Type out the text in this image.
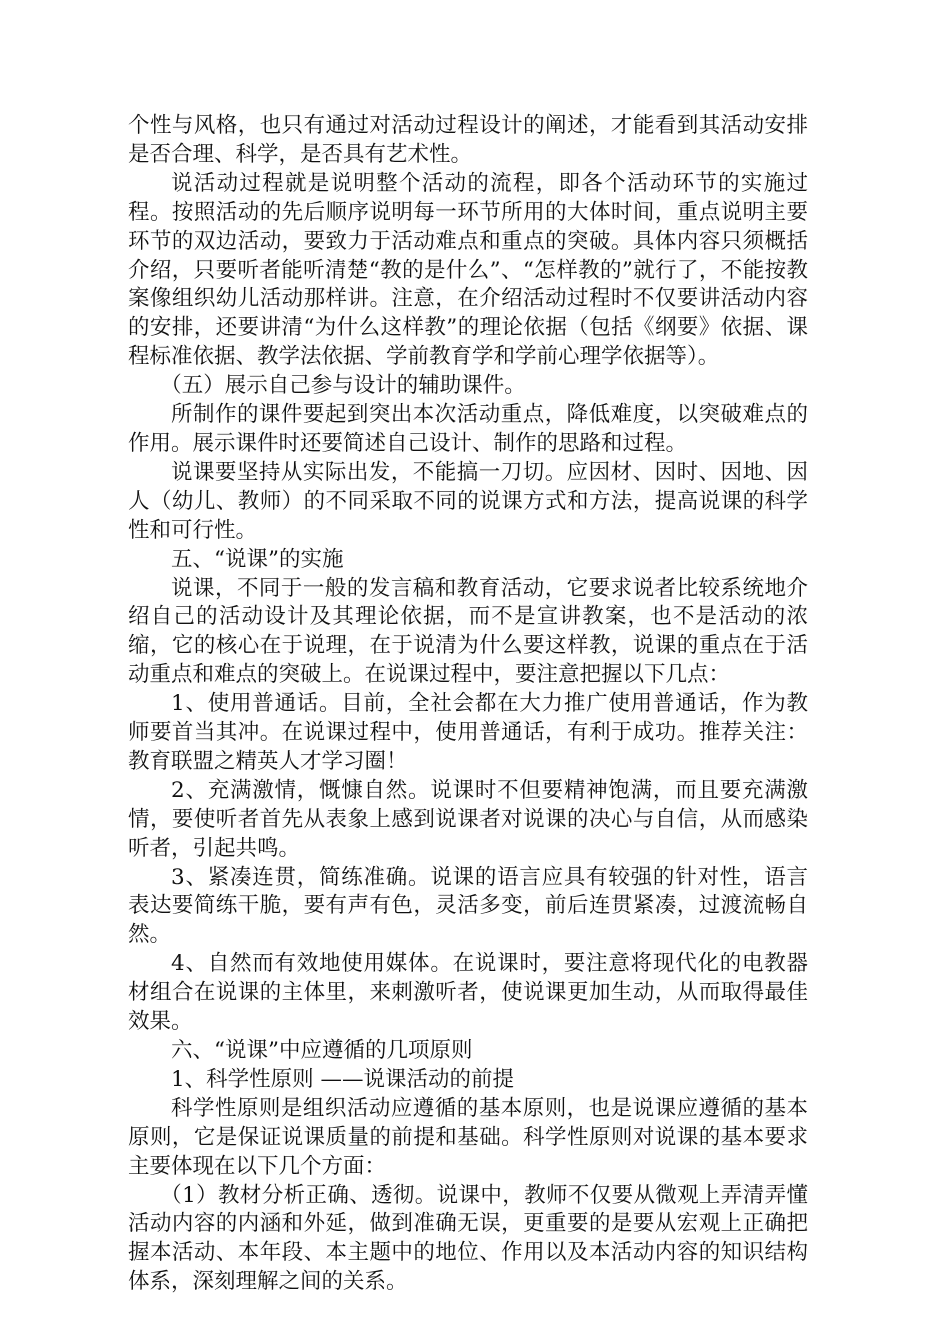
个性与风格，也只有通过对活动过程设计的阐述，才能看到其活动安排是否合理、科学，是否具有艺术性。

说活动过程就是说明整个活动的流程，即各个活动环节的实施过程。按照活动的先后顺序说明每一环节所用的大体时间，重点说明主要环节的双边活动，要致力于活动难点和重点的突破。具体内容只须概括介绍，只要听者能听清楚“教的是什么”、“怎样教的”就行了，不能按教案像组织幼儿活动那样讲。注意，在介绍活动过程时不仅要讲活动内容的安排，还要讲清“为什么这样教”的理论依据（包括《纲要》依据、课程标准依据、教学法依据、学前教育学和学前心理学依据等）。

（五）展示自己参与设计的辅助课件。

所制作的课件要起到突出本次活动重点，降低难度，以突破难点的作用。展示课件时还要简述自己设计、制作的思路和过程。

说课要坚持从实际出发，不能搞一刀切。应因材、因时、因地、因人（幼儿、教师）的不同采取不同的说课方式和方法，提高说课的科学性和可行性。

五、“说课”的实施

说课，不同于一般的发言稿和教育活动，它要求说者比较系统地介绍自己的活动设计及其理论依据，而不是宣讲教案，也不是活动的浓缩，它的核心在于说理，在于说清为什么要这样教，说课的重点在于活动重点和难点的突破上。在说课过程中，要注意把握以下几点：

1、使用普通话。目前，全社会都在大力推广使用普通话，作为教师要首当其冲。在说课过程中，使用普通话，有利于成功。推荐关注：教育联盟之精英人才学习圈！

2、充满激情，慨慷自然。说课时不但要精神饱满，而且要充满激情，要使听者首先从表象上感到说课者对说课的决心与自信，从而感染听者，引起共鸣。

3、紧凑连贯，简练准确。说课的语言应具有较强的针对性，语言表达要简练干脆，要有声有色，灵活多变，前后连贯紧凑，过渡流畅自然。

4、自然而有效地使用媒体。在说课时，要注意将现代化的电教器材组合在说课的主体里，来刺激听者，使说课更加生动，从而取得最佳效果。

六、“说课”中应遵循的几项原则

1、科学性原则 ——说课活动的前提

科学性原则是组织活动应遵循的基本原则，也是说课应遵循的基本原则，它是保证说课质量的前提和基础。科学性原则对说课的基本要求主要体现在以下几个方面：

（1）教材分析正确、透彻。说课中，教师不仅要从微观上弄清弄懂活动内容的内涵和外延，做到准确无误，更重要的是要从宏观上正确把握本活动、本年段、本主题中的地位、作用以及本活动内容的知识结构体系，深刻理解之间的关系。
